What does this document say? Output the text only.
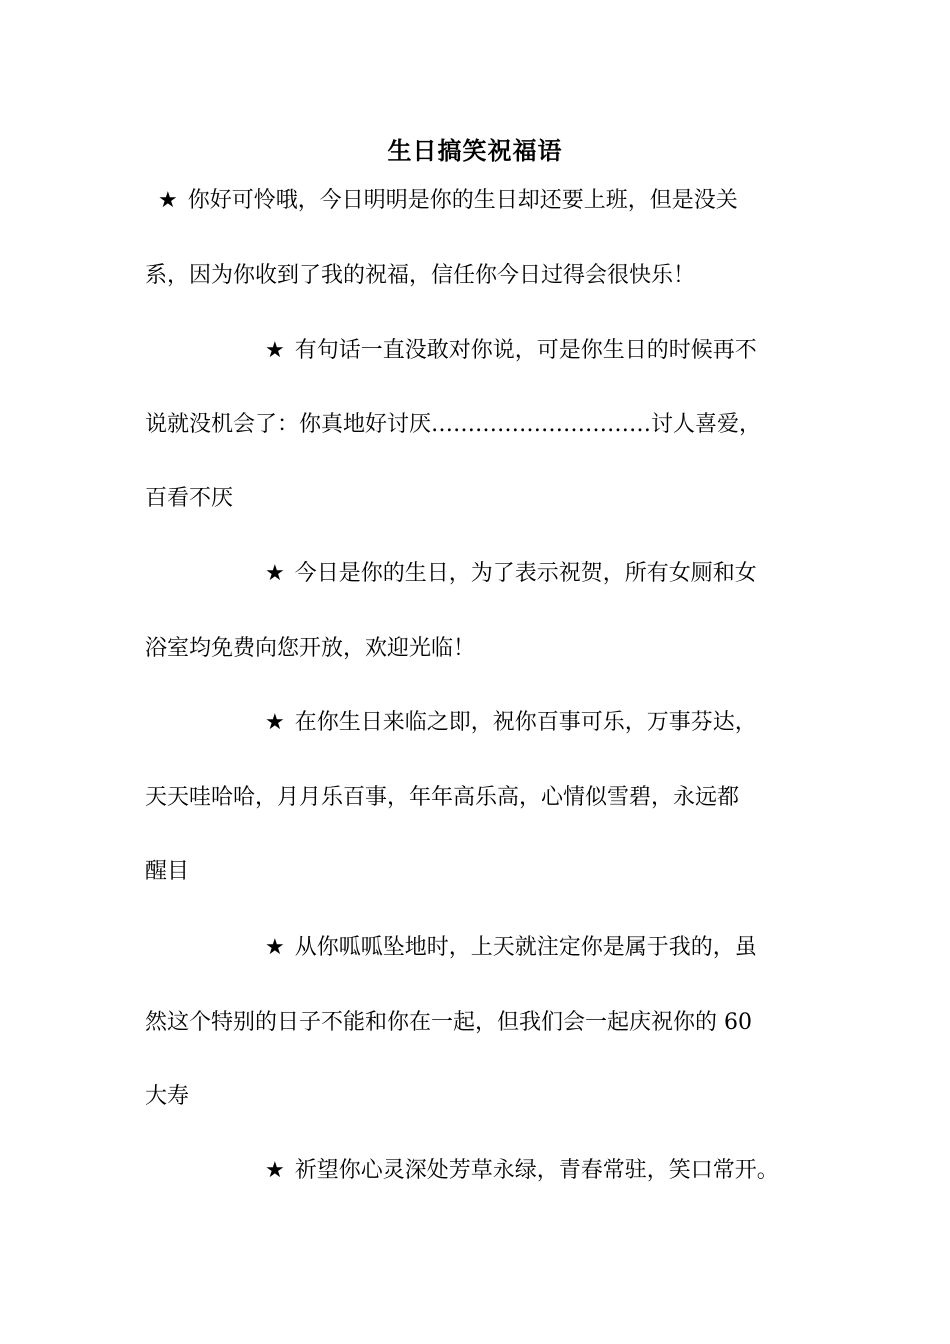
生日搞笑祝福语
★ 你好可怜哦，今日明明是你的生日却还要上班，但是没关
系，因为你收到了我的祝福，信任你今日过得会很快乐！
★ 有句话一直没敢对你说，可是你生日的时候再不
说就没机会了：你真地好讨厌…………………………讨人喜爱，
百看不厌
★ 今日是你的生日，为了表示祝贺，所有女厕和女
浴室均免费向您开放，欢迎光临！
★ 在你生日来临之即，祝你百事可乐，万事芬达，
天天哇哈哈，月月乐百事，年年高乐高，心情似雪碧，永远都
醒目
★ 从你呱呱坠地时，上天就注定你是属于我的，虽
然这个特别的日子不能和你在一起，但我们会一起庆祝你的 60
大寿
★ 祈望你心灵深处芳草永绿，青春常驻，笑口常开。
